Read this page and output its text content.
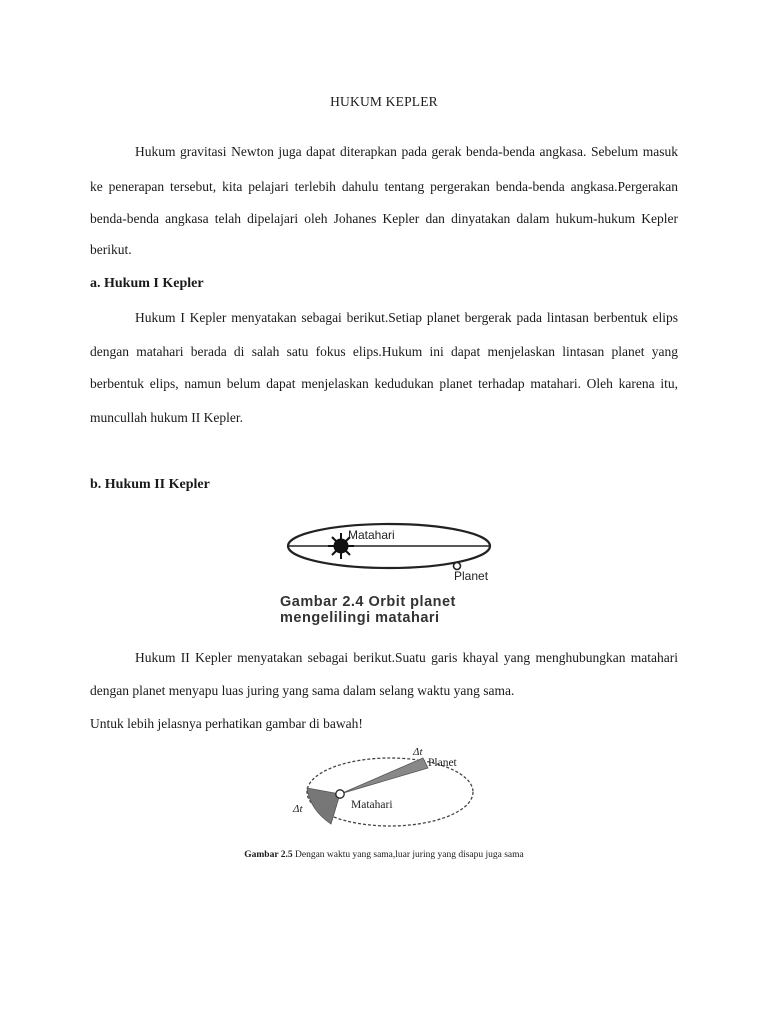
HUKUM KEPLER
Hukum gravitasi Newton juga dapat diterapkan pada gerak benda-benda angkasa. Sebelum masuk
ke penerapan tersebut, kita pelajari terlebih dahulu tentang pergerakan benda-benda angkasa.Pergerakan
benda-benda angkasa telah dipelajari oleh Johanes Kepler dan dinyatakan dalam hukum-hukum Kepler
berikut.
a. Hukum I Kepler
Hukum I Kepler menyatakan sebagai berikut.Setiap planet bergerak pada lintasan berbentuk elips
dengan matahari berada di salah satu fokus elips.Hukum ini dapat menjelaskan lintasan planet yang
berbentuk elips, namun belum dapat menjelaskan kedudukan planet terhadap matahari. Oleh karena itu,
muncullah hukum II Kepler.
b. Hukum II Kepler
Matahari
Planet
Gambar 2.4 Orbit planet
mengelilingi matahari
Hukum II Kepler menyatakan sebagai berikut.Suatu garis khayal yang menghubungkan matahari
dengan planet menyapu luas juring yang sama dalam selang waktu yang sama.
Untuk lebih jelasnya perhatikan gambar di bawah!
Δt
Δt
Planet
Matahari
Gambar 2.5 Dengan waktu yang sama,luar juring yang disapu juga sama
